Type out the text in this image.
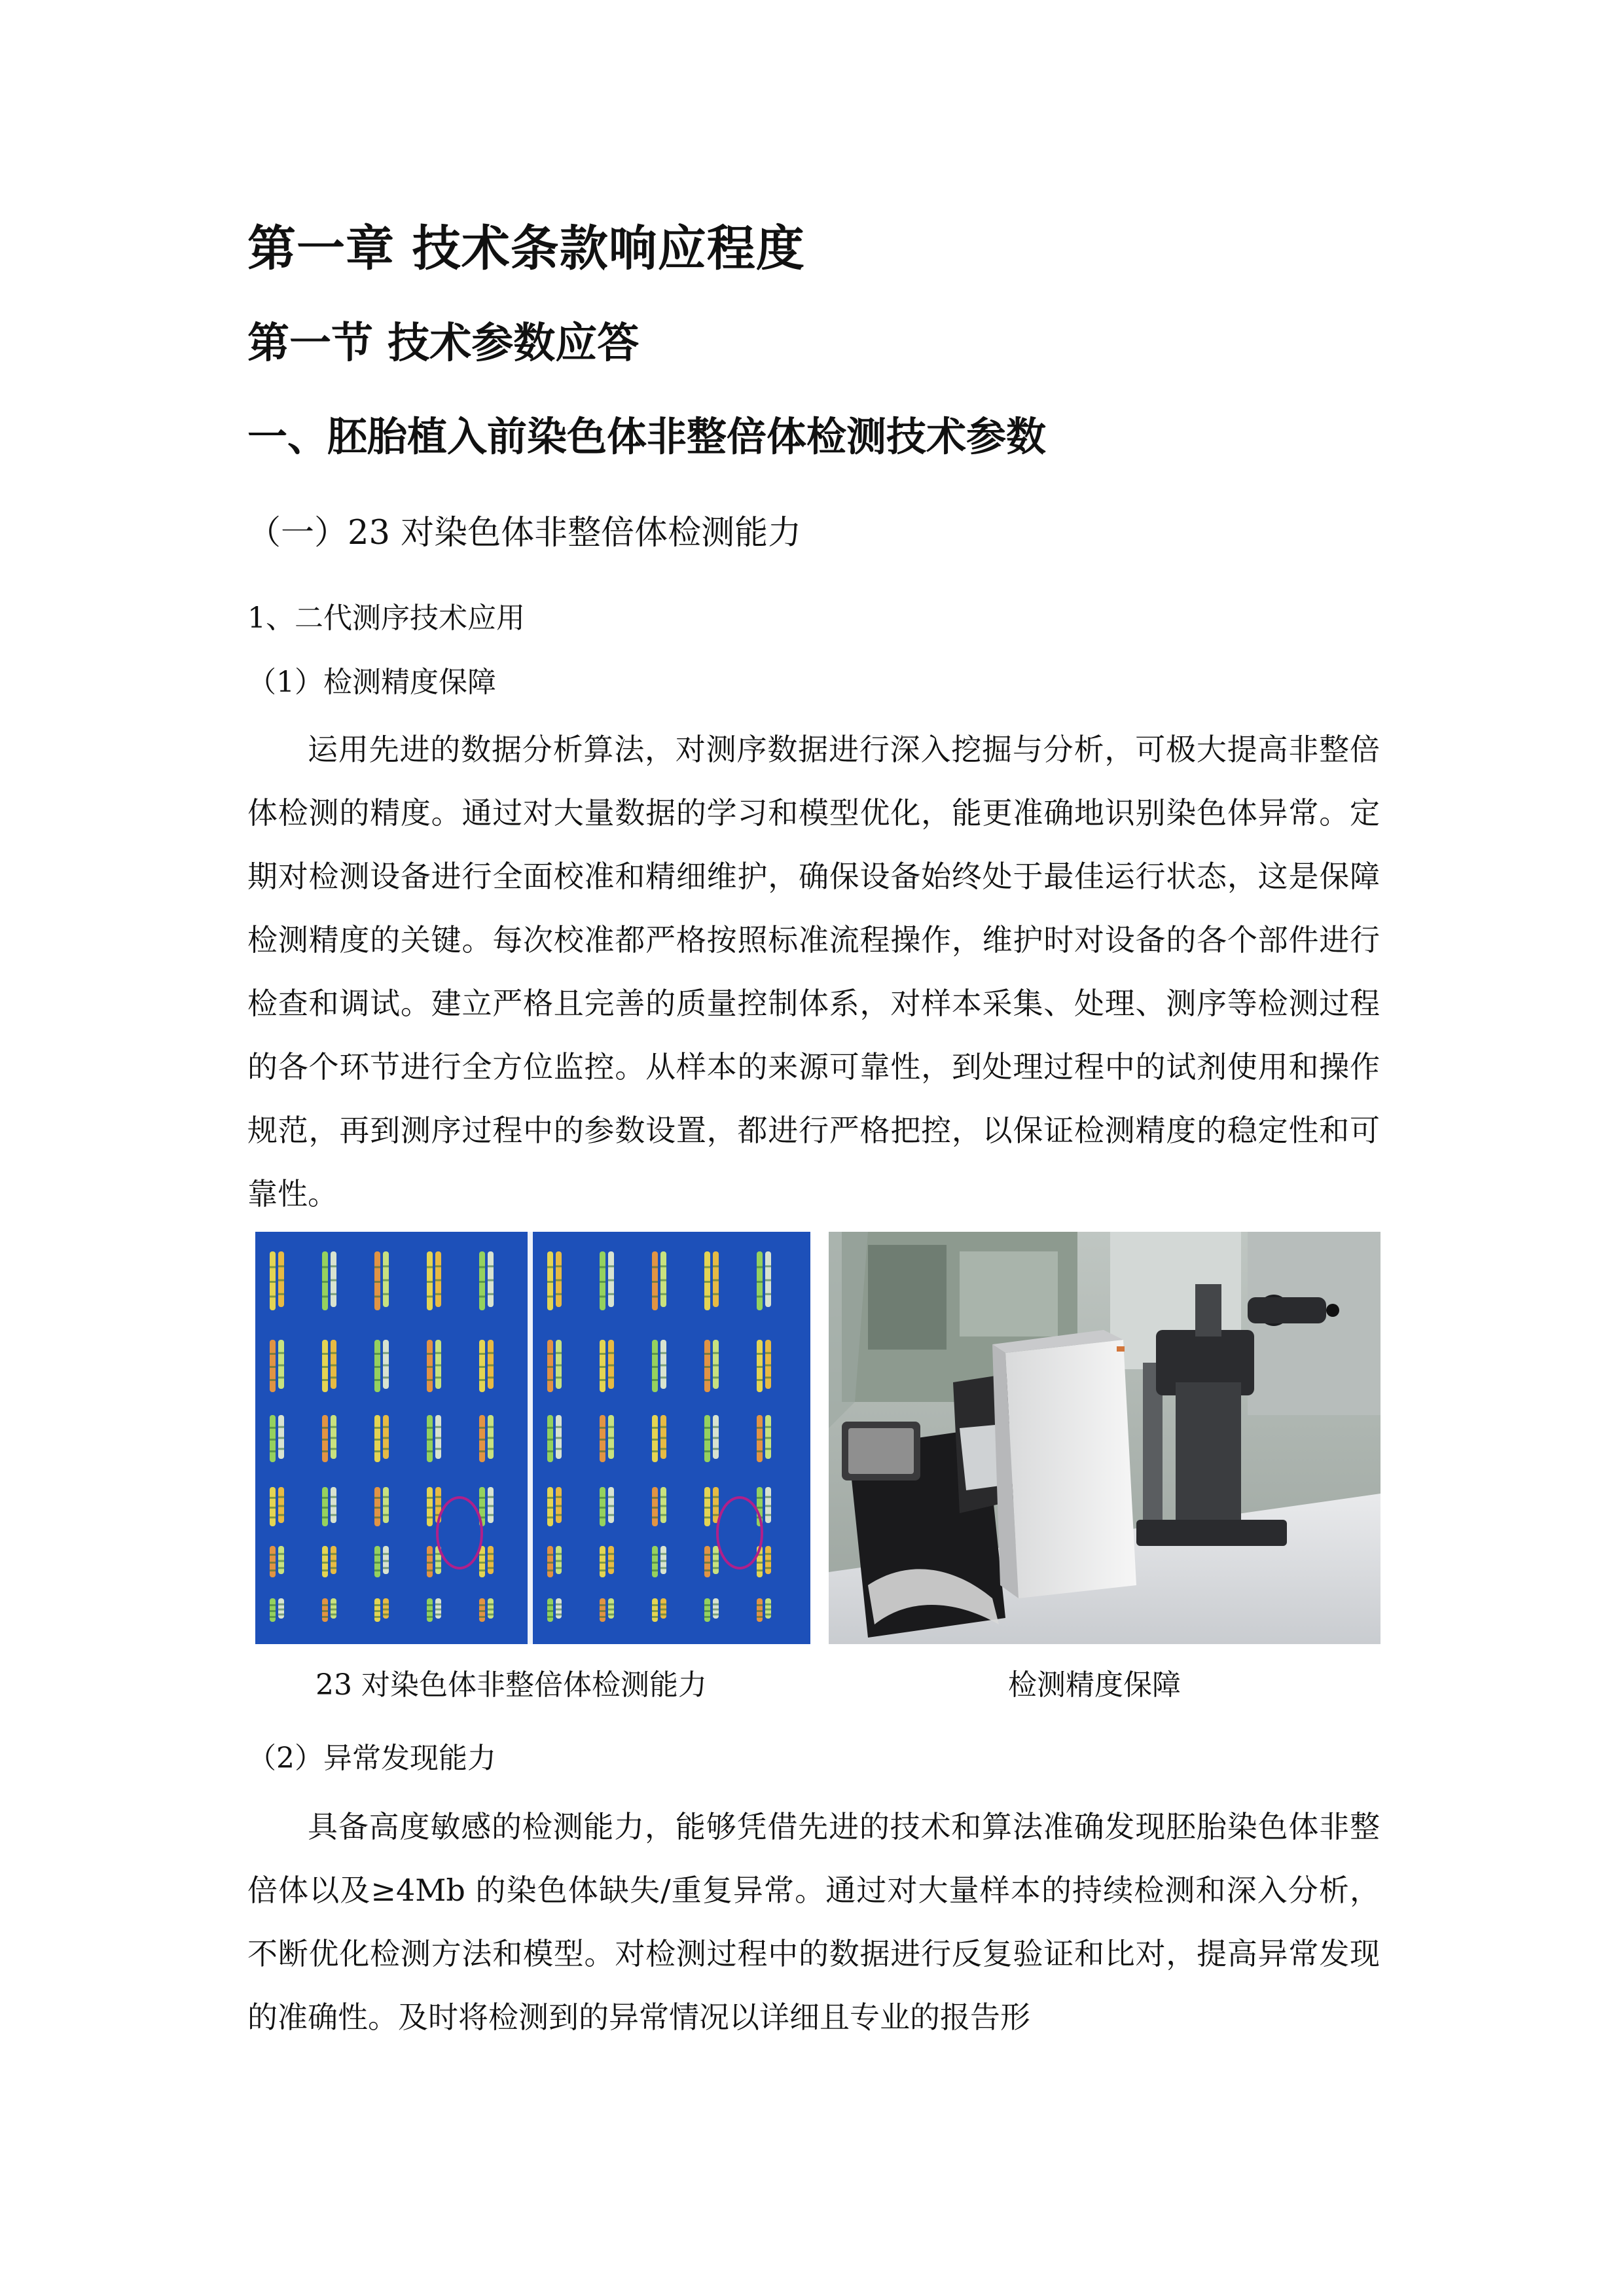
第一章 技术条款响应程度
第一节 技术参数应答
一、胚胎植入前染色体非整倍体检测技术参数
（一）23 对染色体非整倍体检测能力
1、二代测序技术应用
（1）检测精度保障

运用先进的数据分析算法，对测序数据进行深入挖掘与分析，可极大提高非整倍体检测的精度。通过对大量数据的学习和模型优化，能更准确地识别染色体异常。定期对检测设备进行全面校准和精细维护，确保设备始终处于最佳运行状态，这是保障检测精度的关键。每次校准都严格按照标准流程操作，维护时对设备的各个部件进行检查和调试。建立严格且完善的质量控制体系，对样本采集、处理、测序等检测过程的各个环节进行全方位监控。从样本的来源可靠性，到处理过程中的试剂使用和操作规范，再到测序过程中的参数设置，都进行严格把控，以保证检测精度的稳定性和可靠性。

23 对染色体非整倍体检测能力	检测精度保障
（2）异常发现能力

具备高度敏感的检测能力，能够凭借先进的技术和算法准确发现胚胎染色体非整倍体以及≥4Mb 的染色体缺失/重复异常。通过对大量样本的持续检测和深入分析，不断优化检测方法和模型。对检测过程中的数据进行反复验证和比对，提高异常发现的准确性。及时将检测到的异常情况以详细且专业的报告形
